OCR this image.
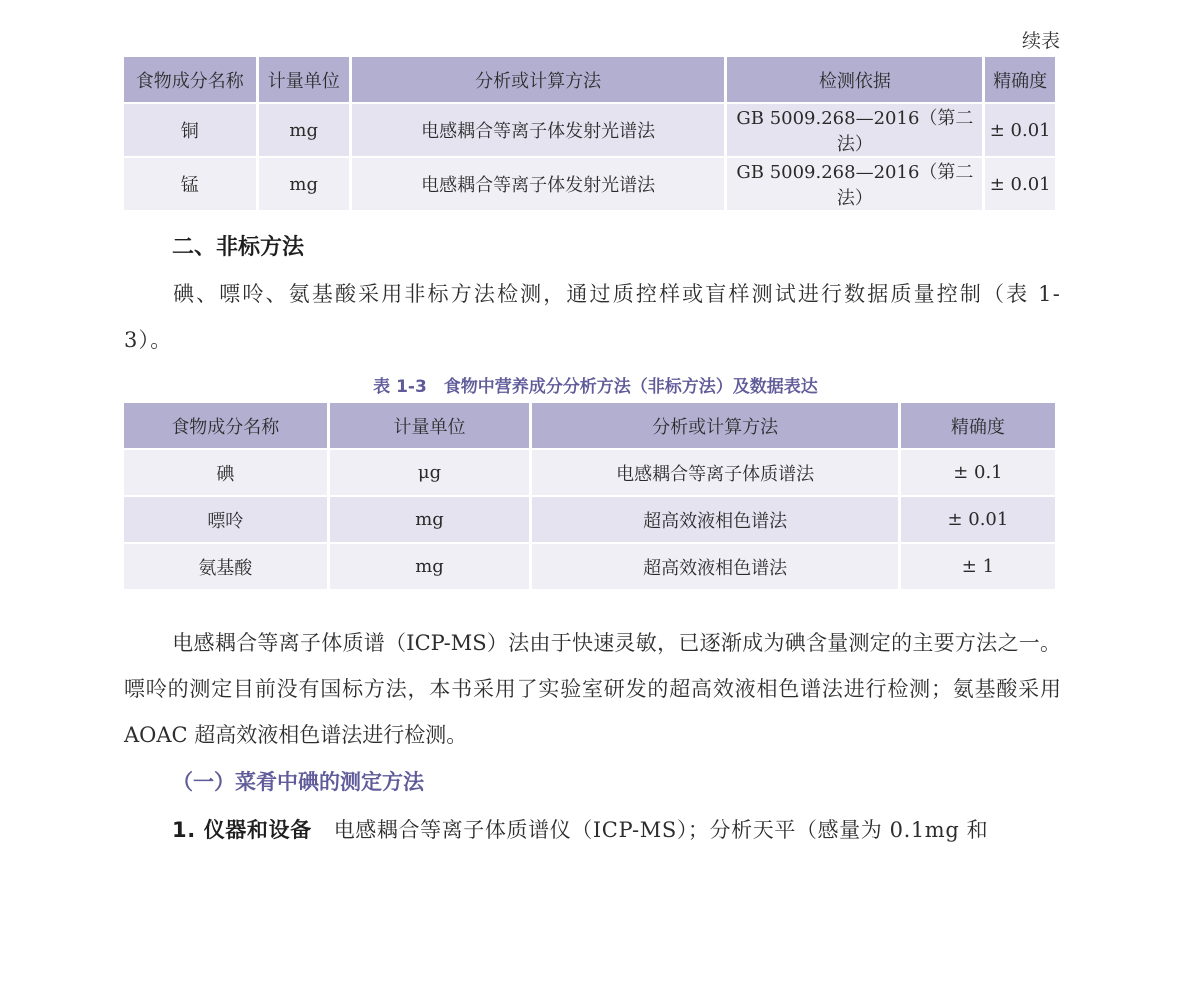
续表
食物成分名称	计量单位	分析或计算方法	检测依据	精确度
铜	mg	电感耦合等离子体发射光谱法	GB 5009.268—2016（第二法）	± 0.01
锰	mg	电感耦合等离子体发射光谱法	GB 5009.268—2016（第二法）	± 0.01
二、非标方法
碘、嘌呤、氨基酸采用非标方法检测，通过质控样或盲样测试进行数据质量控制（表 1-3）。
表 1-3　食物中营养成分分析方法（非标方法）及数据表达
食物成分名称	计量单位	分析或计算方法	精确度
碘	μg	电感耦合等离子体质谱法	± 0.1
嘌呤	mg	超高效液相色谱法	± 0.01
氨基酸	mg	超高效液相色谱法	± 1
电感耦合等离子体质谱（ICP-MS）法由于快速灵敏，已逐渐成为碘含量测定的主要方法之一。嘌呤的测定目前没有国标方法，本书采用了实验室研发的超高效液相色谱法进行检测；氨基酸采用 AOAC 超高效液相色谱法进行检测。
（一）菜肴中碘的测定方法
1. 仪器和设备 电感耦合等离子体质谱仪（ICP-MS）；分析天平（感量为 0.1mg 和
